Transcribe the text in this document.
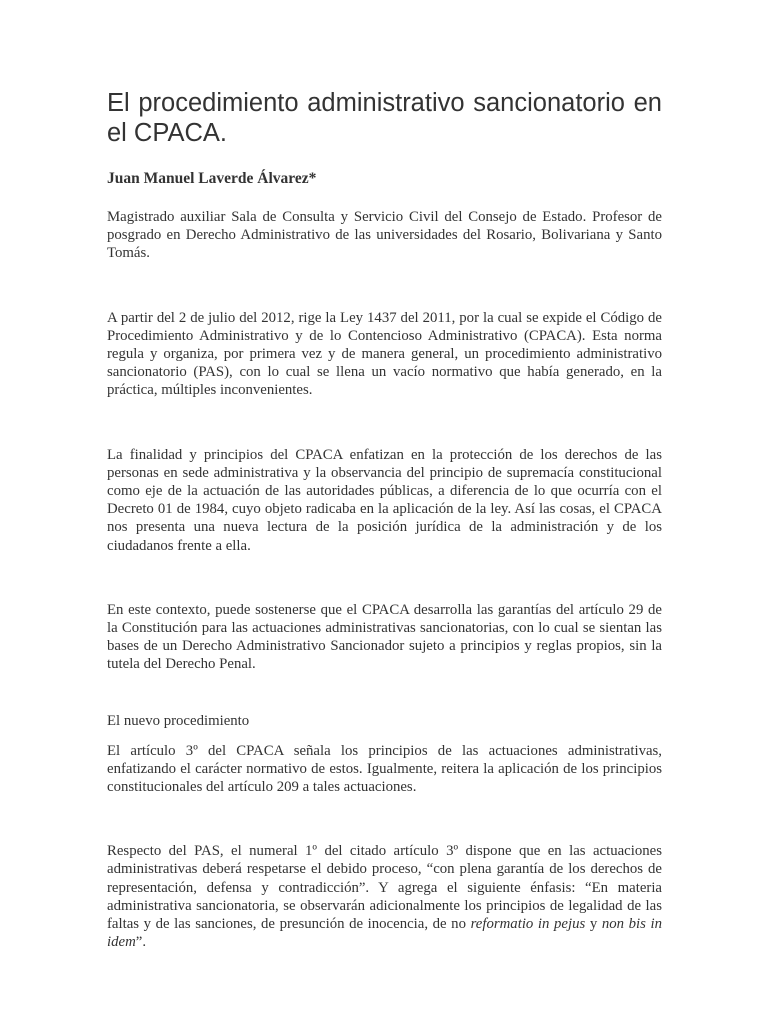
El procedimiento administrativo sancionatorio en el CPACA.
Juan Manuel Laverde Álvarez*

Magistrado auxiliar Sala de Consulta y Servicio Civil del Consejo de Estado. Profesor de posgrado en Derecho Administrativo de las universidades del Rosario, Bolivariana y Santo Tomás.

A partir del 2 de julio del 2012, rige la Ley 1437 del 2011, por la cual se expide el Código de Procedimiento Administrativo y de lo Contencioso Administrativo (CPACA). Esta norma regula y organiza, por primera vez y de manera general, un procedimiento administrativo sancionatorio (PAS), con lo cual se llena un vacío normativo que había generado, en la práctica, múltiples inconvenientes.

La finalidad y principios del CPACA enfatizan en la protección de los derechos de las personas en sede administrativa y la observancia del principio de supremacía constitucional como eje de la actuación de las autoridades públicas, a diferencia de lo que ocurría con el Decreto 01 de 1984, cuyo objeto radicaba en la aplicación de la ley. Así las cosas, el CPACA nos presenta una nueva lectura de la posición jurídica de la administración y de los ciudadanos frente a ella.

En este contexto, puede sostenerse que el CPACA desarrolla las garantías del artículo 29 de la Constitución para las actuaciones administrativas sancionatorias, con lo cual se sientan las bases de un Derecho Administrativo Sancionador sujeto a principios y reglas propios, sin la tutela del Derecho Penal.

El nuevo procedimiento

El artículo 3º del CPACA señala los principios de las actuaciones administrativas, enfatizando el carácter normativo de estos. Igualmente, reitera la aplicación de los principios constitucionales del artículo 209 a tales actuaciones.

Respecto del PAS, el numeral 1º del citado artículo 3º dispone que en las actuaciones administrativas deberá respetarse el debido proceso, “con plena garantía de los derechos de representación, defensa y contradicción”. Y agrega el siguiente énfasis: “En materia administrativa sancionatoria, se observarán adicionalmente los principios de legalidad de las faltas y de las sanciones, de presunción de inocencia, de no reformatio in pejus y non bis in idem”.
